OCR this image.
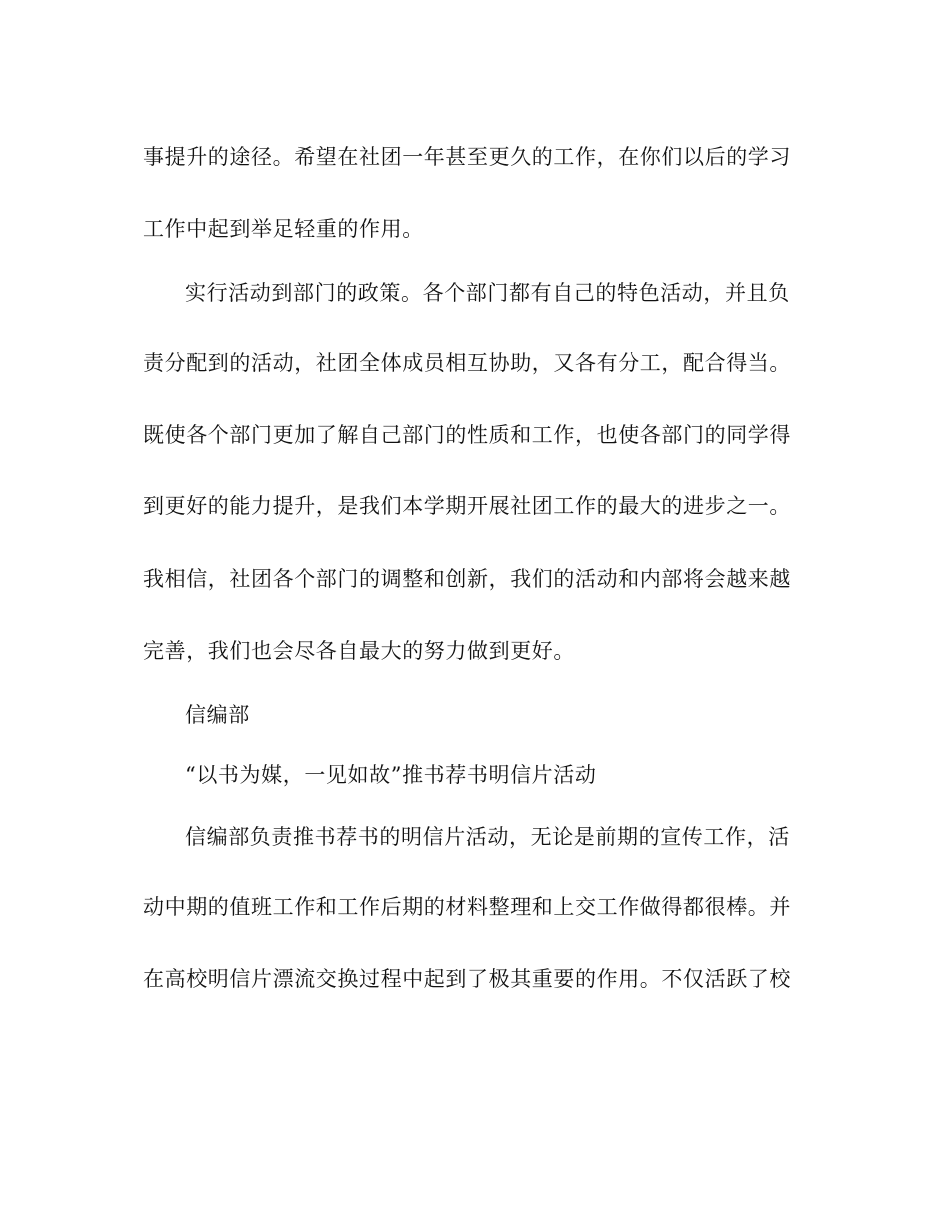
事提升的途径。希望在社团一年甚至更久的工作，在你们以后的学习
工作中起到举足轻重的作用。
实行活动到部门的政策。各个部门都有自己的特色活动，并且负
责分配到的活动，社团全体成员相互协助，又各有分工，配合得当。
既使各个部门更加了解自己部门的性质和工作，也使各部门的同学得
到更好的能力提升，是我们本学期开展社团工作的最大的进步之一。
我相信，社团各个部门的调整和创新，我们的活动和内部将会越来越
完善，我们也会尽各自最大的努力做到更好。
信编部
“以书为媒，一见如故”推书荐书明信片活动
信编部负责推书荐书的明信片活动，无论是前期的宣传工作，活
动中期的值班工作和工作后期的材料整理和上交工作做得都很棒。并
在高校明信片漂流交换过程中起到了极其重要的作用。不仅活跃了校
